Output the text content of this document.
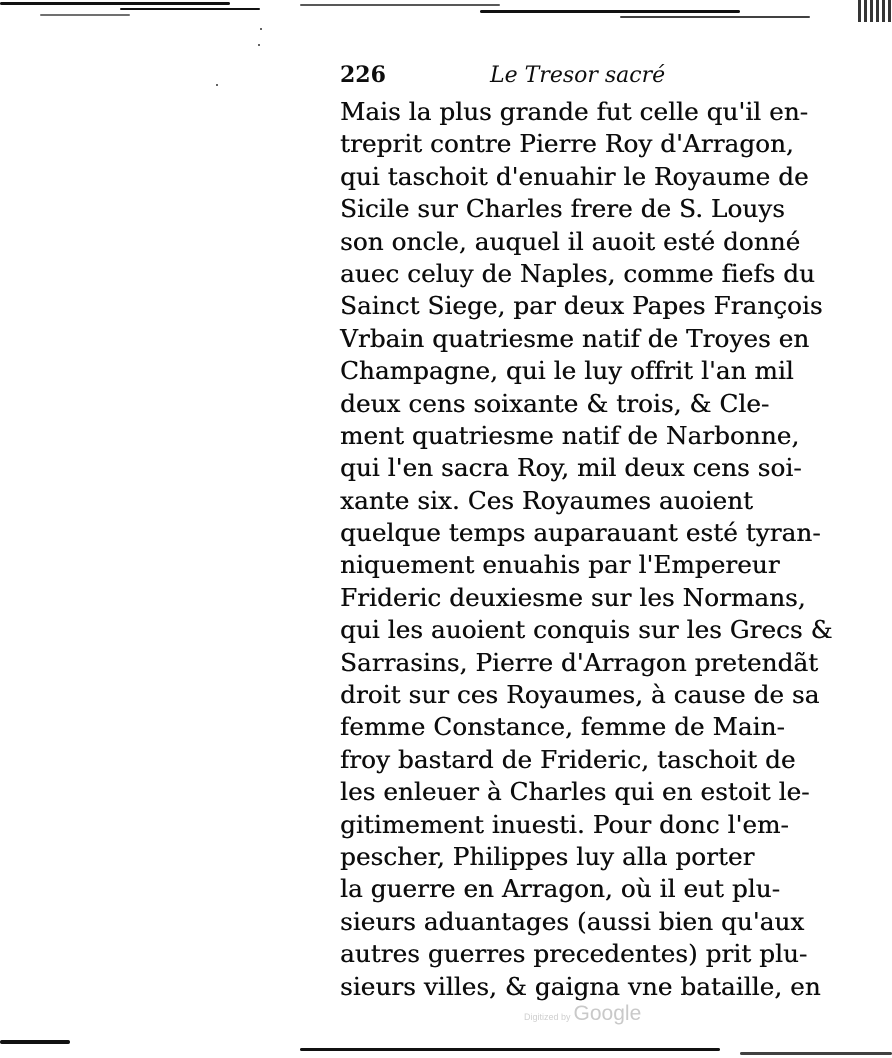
226	Le Tresor sacré
Mais la plus grande fut celle qu'il en-
treprit contre Pierre Roy d'Arragon,
qui taschoit d'enuahir le Royaume de
Sicile sur Charles frere de S. Louys
son oncle, auquel il auoit esté donné
auec celuy de Naples, comme fiefs du
Sainct Siege, par deux Papes François
Vrbain quatriesme natif de Troyes en
Champagne, qui le luy offrit l'an mil
deux cens soixante & trois, & Cle-
ment quatriesme natif de Narbonne,
qui l'en sacra Roy, mil deux cens soi-
xante six. Ces Royaumes auoient
quelque temps auparauant esté tyran-
niquement enuahis par l'Empereur
Frideric deuxiesme sur les Normans,
qui les auoient conquis sur les Grecs &
Sarrasins, Pierre d'Arragon pretendãt
droit sur ces Royaumes, à cause de sa
femme Constance, femme de Main-
froy bastard de Frideric, taschoit de
les enleuer à Charles qui en estoit le-
gitimement inuesti. Pour donc l'em-
pescher, Philippes luy alla porter
la guerre en Arragon, où il eut plu-
sieurs aduantages (aussi bien qu'aux
autres guerres precedentes) prit plu-
sieurs villes, & gaigna vne bataille, en
Digitized by Google
